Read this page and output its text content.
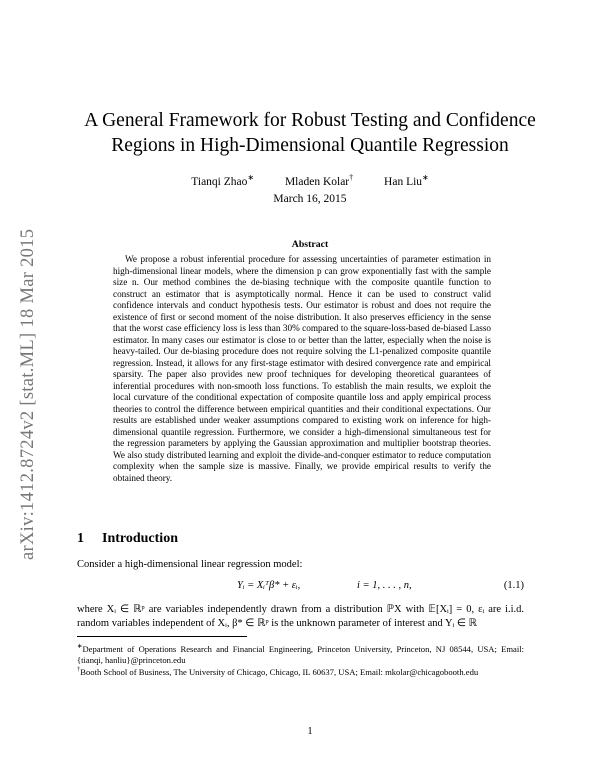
arXiv:1412.8724v2 [stat.ML] 18 Mar 2015
A General Framework for Robust Testing and Confidence Regions in High-Dimensional Quantile Regression
Tianqi Zhao∗	Mladen Kolar†	Han Liu∗
March 16, 2015
Abstract
We propose a robust inferential procedure for assessing uncertainties of parameter estimation in high-dimensional linear models, where the dimension p can grow exponentially fast with the sample size n. Our method combines the de-biasing technique with the composite quantile function to construct an estimator that is asymptotically normal. Hence it can be used to construct valid confidence intervals and conduct hypothesis tests. Our estimator is robust and does not require the existence of first or second moment of the noise distribution. It also preserves efficiency in the sense that the worst case efficiency loss is less than 30% compared to the square-loss-based de-biased Lasso estimator. In many cases our estimator is close to or better than the latter, especially when the noise is heavy-tailed. Our de-biasing procedure does not require solving the L1-penalized composite quantile regression. Instead, it allows for any first-stage estimator with desired convergence rate and empirical sparsity. The paper also provides new proof techniques for developing theoretical guarantees of inferential procedures with non-smooth loss functions. To establish the main results, we exploit the local curvature of the conditional expectation of composite quantile loss and apply empirical process theories to control the difference between empirical quantities and their conditional expectations. Our results are established under weaker assumptions compared to existing work on inference for high-dimensional quantile regression. Furthermore, we consider a high-dimensional simultaneous test for the regression parameters by applying the Gaussian approximation and multiplier bootstrap theories. We also study distributed learning and exploit the divide-and-conquer estimator to reduce computation complexity when the sample size is massive. Finally, we provide empirical results to verify the obtained theory.
1 Introduction
Consider a high-dimensional linear regression model:
Yᵢ = Xᵢᵀβ* + εᵢ,	i = 1, . . . , n,	(1.1)
where Xᵢ ∈ ℝᵖ are variables independently drawn from a distribution ℙX with 𝔼[Xᵢ] = 0, εᵢ are i.i.d. random variables independent of Xᵢ, β* ∈ ℝᵖ is the unknown parameter of interest and Yᵢ ∈ ℝ
∗Department of Operations Research and Financial Engineering, Princeton University, Princeton, NJ 08544, USA; Email: {tianqi, hanliu}@princeton.edu
†Booth School of Business, The University of Chicago, Chicago, IL 60637, USA; Email: mkolar@chicagobooth.edu
1
